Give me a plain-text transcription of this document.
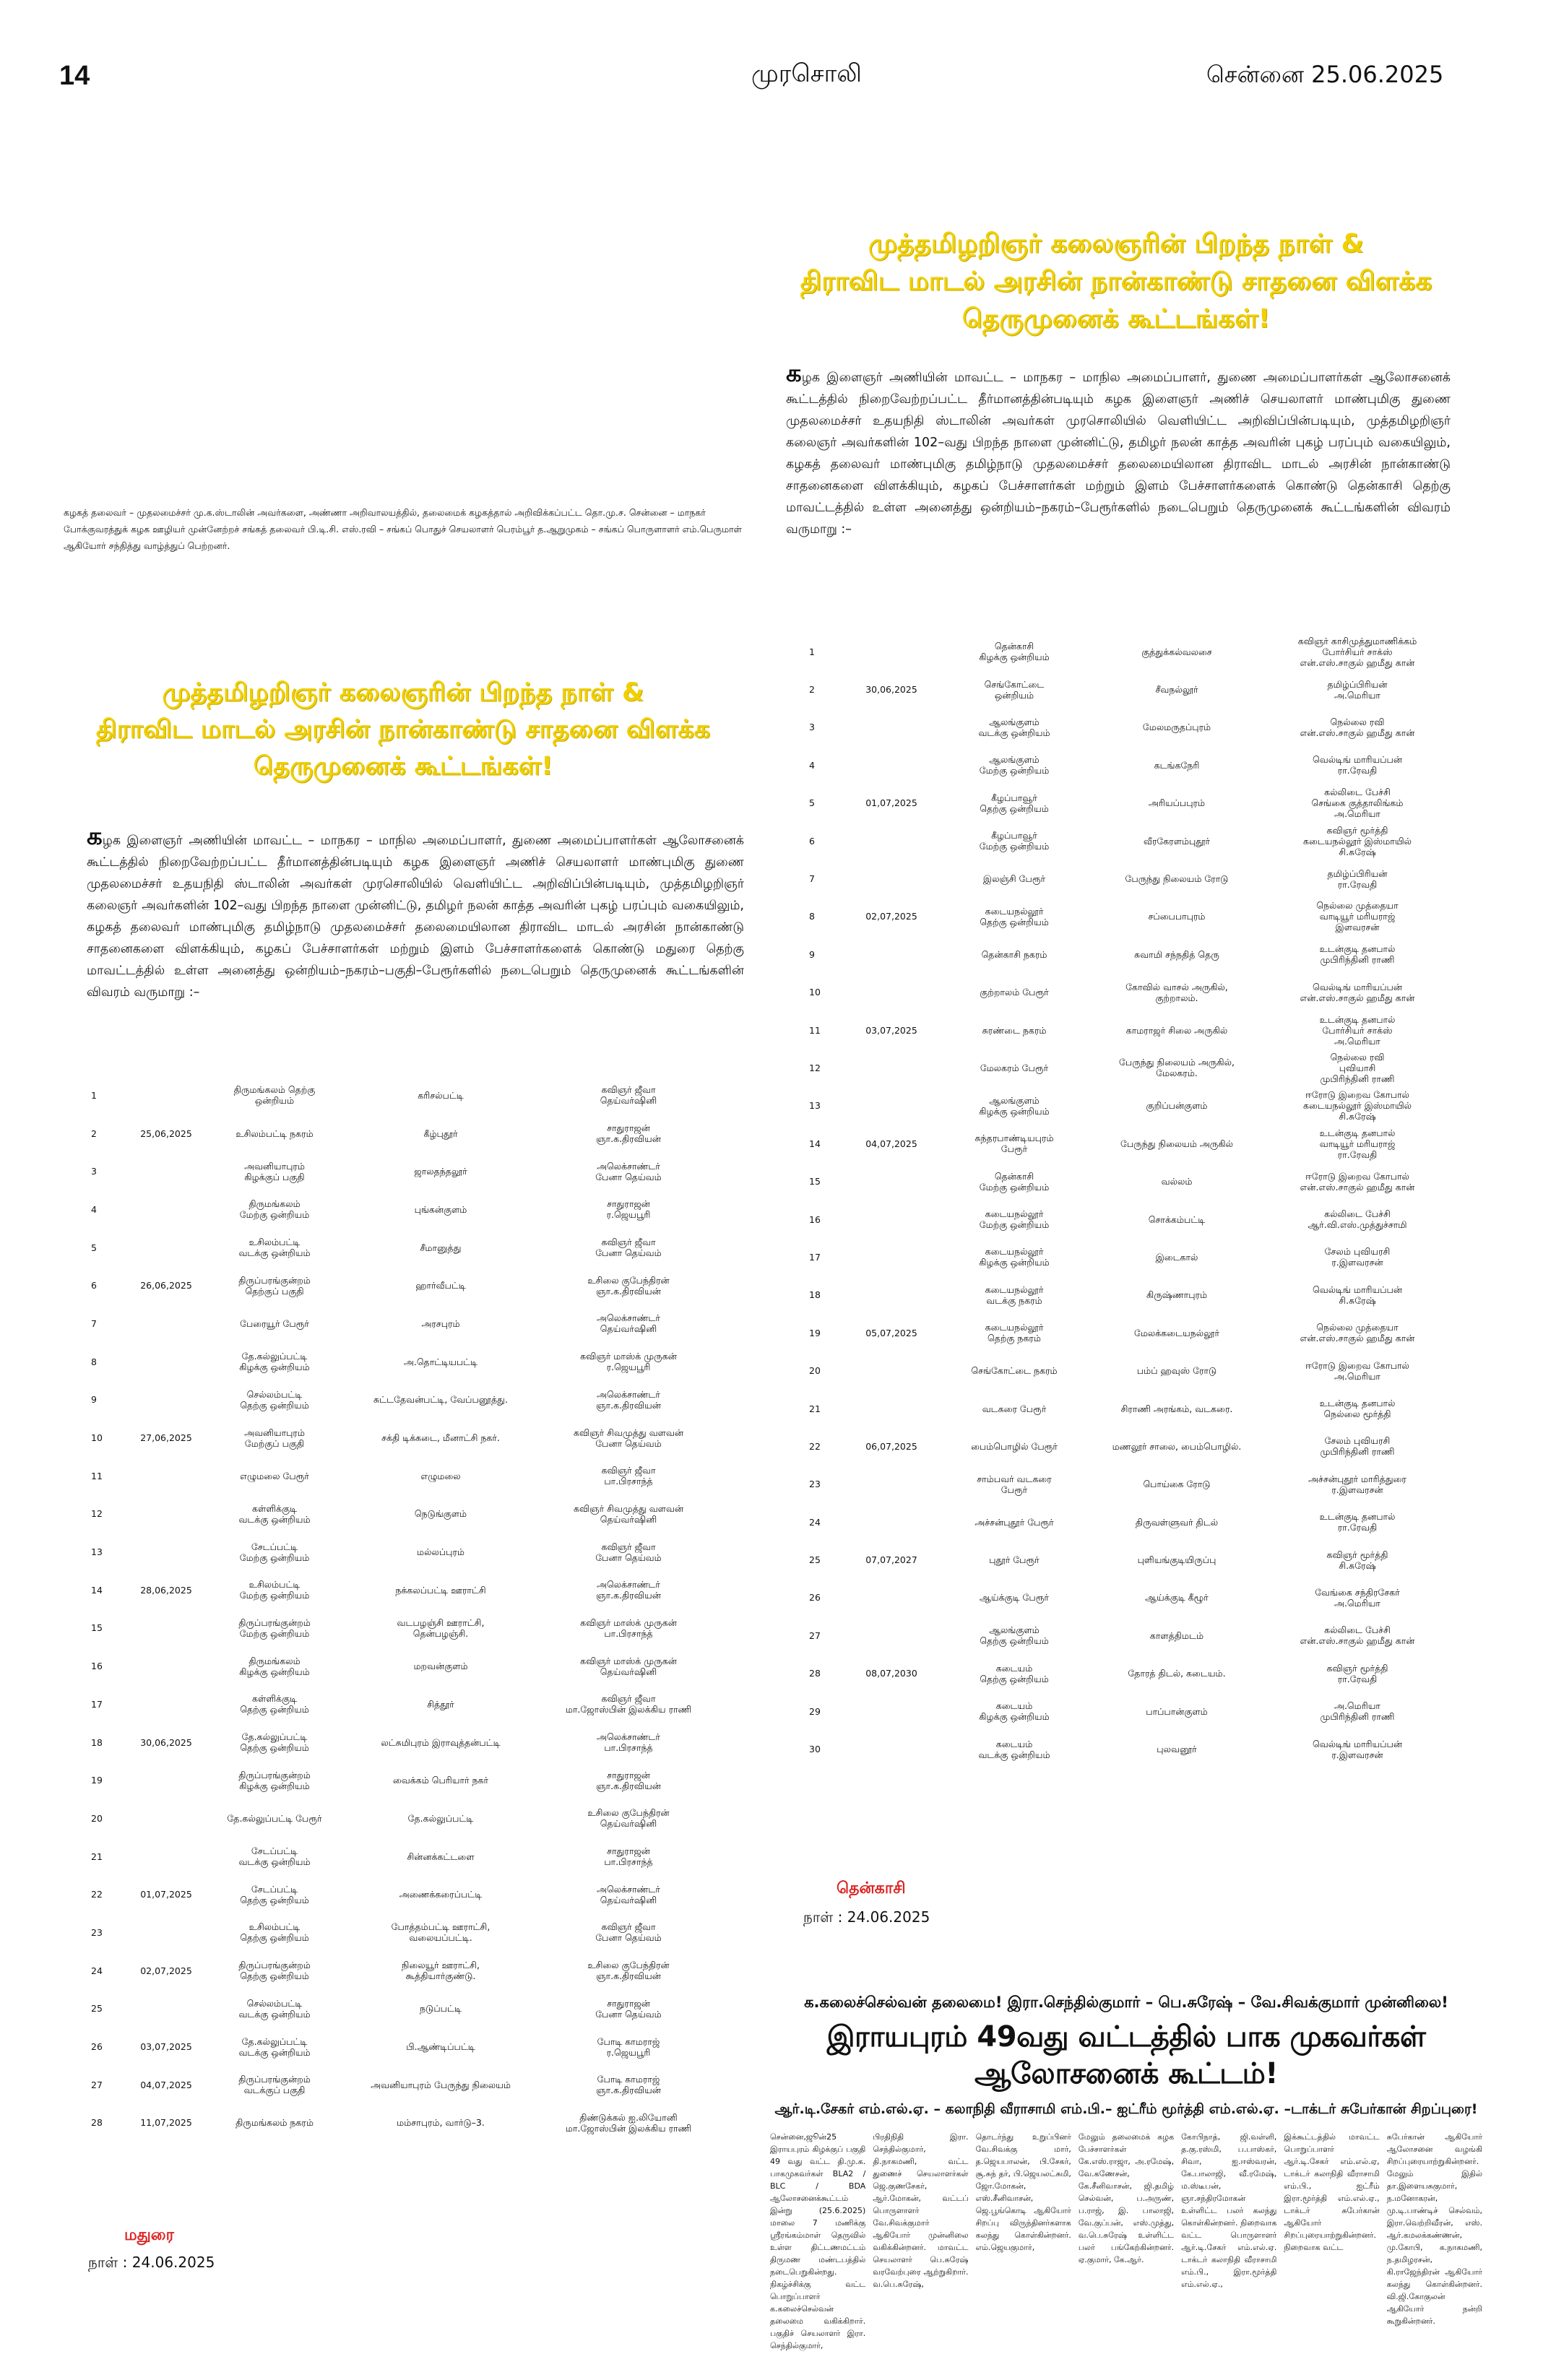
14	முரசொலி	சென்னை 25.06.2025
கழகத் தலைவர் – முதலமைச்சர் மு.க.ஸ்டாலின் அவர்களை, அண்ணா அறிவாலயத்தில், தலைமைக் கழகத்தால் அறிவிக்கப்பட்ட தொ.மு.ச. சென்னை – மாநகர் போக்குவரத்துக் கழக ஊழியர் முன்னேற்றச் சங்கத் தலைவர் பி.டி.சி. எஸ்.ரவி – சங்கப் பொதுச் செயலாளர் பெரம்பூர் த.ஆறுமுகம் – சங்கப் பொருளாளர் எம்.பெருமாள் ஆகியோர் சந்தித்து வாழ்த்துப் பெற்றனர்.
முத்தமிழறிஞர் கலைஞரின் பிறந்த நாள் &
திராவிட மாடல் அரசின் நான்காண்டு சாதனை விளக்க
தெருமுனைக் கூட்டங்கள்!
கழக இளைஞர் அணியின் மாவட்ட – மாநகர – மாநில அமைப்பாளர், துணை அமைப்பாளர்கள் ஆலோசனைக் கூட்டத்தில் நிறைவேற்றப்பட்ட தீர்மானத்தின்படியும் கழக இளைஞர் அணிச் செயலாளர் மாண்புமிகு துணை முதலமைச்சர் உதயநிதி ஸ்டாலின் அவர்கள் முரசொலியில் வெளியிட்ட அறிவிப்பின்படியும், முத்தமிழறிஞர் கலைஞர் அவர்களின் 102–வது பிறந்த நாளை முன்னிட்டு, தமிழர் நலன் காத்த அவரின் புகழ் பரப்பும் வகையிலும், கழகத் தலைவர் மாண்புமிகு தமிழ்நாடு முதலமைச்சர் தலைமையிலான திராவிட மாடல் அரசின் நான்காண்டு சாதனைகளை விளக்கியும், கழகப் பேச்சாளர்கள் மற்றும் இளம் பேச்சாளர்களைக் கொண்டு தென்காசி தெற்கு மாவட்டத்தில் உள்ள அனைத்து ஒன்றியம்–நகரம்–பேரூர்களில் நடைபெறும் தெருமுனைக் கூட்டங்களின் விவரம் வருமாறு :–
முத்தமிழறிஞர் கலைஞரின் பிறந்த நாள் &
திராவிட மாடல் அரசின் நான்காண்டு சாதனை விளக்க
தெருமுனைக் கூட்டங்கள்!
கழக இளைஞர் அணியின் மாவட்ட – மாநகர – மாநில அமைப்பாளர், துணை அமைப்பாளர்கள் ஆலோசனைக் கூட்டத்தில் நிறைவேற்றப்பட்ட தீர்மானத்தின்படியும் கழக இளைஞர் அணிச் செயலாளர் மாண்புமிகு துணை முதலமைச்சர் உதயநிதி ஸ்டாலின் அவர்கள் முரசொலியில் வெளியிட்ட அறிவிப்பின்படியும், முத்தமிழறிஞர் கலைஞர் அவர்களின் 102–வது பிறந்த நாளை முன்னிட்டு, தமிழர் நலன் காத்த அவரின் புகழ் பரப்பும் வகையிலும், கழகத் தலைவர் மாண்புமிகு தமிழ்நாடு முதலமைச்சர் தலைமையிலான திராவிட மாடல் அரசின் நான்காண்டு சாதனைகளை விளக்கியும், கழகப் பேச்சாளர்கள் மற்றும் இளம் பேச்சாளர்களைக் கொண்டு மதுரை தெற்கு மாவட்டத்தில் உள்ள அனைத்து ஒன்றியம்–நகரம்–பகுதி–பேரூர்களில் நடைபெறும் தெருமுனைக் கூட்டங்களின் விவரம் வருமாறு :–
1		தென்காசி
கிழக்கு ஒன்றியம்	குத்துக்கல்வலசை	கவிஞர் காசிமுத்துமாணிக்கம்
போர்சியர் சாக்ஸ்
என்.எஸ்.சாகுல் ஹமீது கான்
2	30,06,2025	செங்கோட்டை
ஒன்றியம்	சீவநல்லூர்	தமிழ்ப்பிரியன்
அ.மெரியா
3		ஆலங்குளம்
வடக்கு ஒன்றியம்	மேலமருதப்புரம்	நெல்லை ரவி
என்.எஸ்.சாகுல் ஹமீது கான்
4		ஆலங்குளம்
மேற்கு ஒன்றியம்	கடங்கநேரி	வெல்டிங் மாரியப்பன்
ரா.ரேவதி
5	01,07,2025	கீழப்பாவூர்
தெற்கு ஒன்றியம்	அரியப்பபுரம்	கல்லிடை பேச்சி
செங்கை குத்தாலிங்கம்
அ.மெரியா
6		கீழப்பாவூர்
மேற்கு ஒன்றியம்	வீரகேரளம்புதூர்	கவிஞர் மூர்த்தி
கடையநல்லூர் இஸ்மாயில்
சி.சுரேஷ்
7		இலஞ்சி பேரூர்	பேருந்து நிலையம் ரோடு	தமிழ்ப்பிரியன்
ரா.ரேவதி
8	02,07,2025	கடையநல்லூர்
தெற்கு ஒன்றியம்	சப்பைபாபுரம்	நெல்லை முத்தையா
வாடியூர் மரியராஜ்
இளவரசன்
9		தென்காசி நகரம்	சுவாமி சந்நதித் தெரு	உடன்குடி தனபால்
முபிரிந்தினி ராணி
10		குற்றாலம் பேரூர்	கோவில் வாசல் அருகில்,
குற்றாலம்.	வெல்டிங் மாரியப்பன்
என்.எஸ்.சாகுல் ஹமீது கான்
11	03,07,2025	சுரண்டை நகரம்	காமராஜர் சிலை அருகில்	உடன்குடி தனபால்
போர்சியர் சாக்ஸ்
அ.மெரியா
12		மேலகரம் பேரூர்	பேருந்து நிலையம் அருகில்,
மேலகரம்.	நெல்லை ரவி
புவியாசி
முபிரிந்தினி ராணி
13		ஆலங்குளம்
கிழக்கு ஒன்றியம்	குறிப்பன்குளம்	ஈரோடு இறைவ கோபால்
கடையநல்லூர் இஸ்மாயில்
சி.சுரேஷ்
14	04,07,2025	சுந்தரபாண்டியபுரம்
பேரூர்	பேருந்து நிலையம் அருகில்	உடன்குடி தனபால்
வாடியூர் மரியராஜ்
ரா.ரேவதி
15		தென்காசி
மேற்கு ஒன்றியம்	வல்லம்	ஈரோடு இறைவ கோபால்
என்.எஸ்.சாகுல் ஹமீது கான்
16		கடையநல்லூர்
மேற்கு ஒன்றியம்	சொக்கம்பட்டி	கல்லிடை பேச்சி
ஆர்.வி.எஸ்.முத்துச்சாமி
17		கடையநல்லூர்
கிழக்கு ஒன்றியம்	இடைகால்	சேலம் புவியரசி
ர.இளவரசன்
18		கடையநல்லூர்
வடக்கு நகரம்	கிருஷ்ணாபுரம்	வெல்டிங் மாரியப்பன்
சி.சுரேஷ்
19	05,07,2025	கடையநல்லூர்
தெற்கு நகரம்	மேலக்கடையநல்லூர்	நெல்லை முத்தையா
என்.எஸ்.சாகுல் ஹமீது கான்
20		செங்கோட்டை நகரம்	பம்ப் ஹவுஸ் ரோடு	ஈரோடு இறைவ கோபால்
அ.மெரியா
21		வடகரை பேரூர்	சிராணி அரங்கம், வடகரை.	உடன்குடி தனபால்
நெல்லை மூர்த்தி
22	06,07,2025	பைம்பொழில் பேரூர்	மணலூர் சாலை, பைம்பொழில்.	சேலம் புவியரசி
முபிரிந்தினி ராணி
23		சாம்பவர் வடகரை
பேரூர்	பொய்கை ரோடு	அச்சன்புதூர் மாரித்துரை
ர.இளவரசன்
24		அச்சன்புதூர் பேரூர்	திருவள்ளுவர் திடல்	உடன்குடி தனபால்
ரா.ரேவதி
25	07,07,2027	புதூர் பேரூர்	புளியங்குடியிருப்பு	கவிஞர் மூர்த்தி
சி.சுரேஷ்
26		ஆய்க்குடி பேரூர்	ஆய்க்குடி கீழூர்	வேங்கை சந்திரசேகர்
அ.மெரியா
27		ஆலங்குளம்
தெற்கு ஒன்றியம்	காளத்திமடம்	கல்லிடை பேச்சி
என்.எஸ்.சாகுல் ஹமீது கான்
28	08,07,2030	கடையம்
தெற்கு ஒன்றியம்	தோரத் திடல், கடையம்.	கவிஞர் மூர்த்தி
ரா.ரேவதி
29		கடையம்
கிழக்கு ஒன்றியம்	பாப்பான்குளம்	அ.மெரியா
முபிரிந்தினி ராணி
30		கடையம்
வடக்கு ஒன்றியம்	புலவனூர்	வெல்டிங் மாரியப்பன்
ர.இளவரசன்
தென்காசி
நாள் : 24.06.2025
1		திருமங்கலம் தெற்கு
ஒன்றியம்	கரிசல்பட்டி	கவிஞர் ஜீவா
தெய்வர்ஷினி
2	25,06,2025	உசிலம்பட்டி நகரம்	கீழ்புதூர்	சாதுராஜன்
ஞா.க.திரவியன்
3		அவனியாபுரம்
கிழக்குப் பகுதி	ஜாலதந்தலூர்	அலெக்சாண்டர்
பேனா தெய்வம்
4		திருமங்கலம்
மேற்கு ஒன்றியம்	புங்கன்குளம்	சாதுராஜன்
ர.ஜெயபூரி
5		உசிலம்பட்டி
வடக்கு ஒன்றியம்	சீமானுத்து	கவிஞர் ஜீவா
பேனா தெய்வம்
6	26,06,2025	திருப்பரங்குன்றம்
தெற்குப் பகுதி	ஹார்வீபட்டி	உசிலை குபேந்திரன்
ஞா.க.திரவியன்
7		பேரையூர் பேரூர்	அரசபுரம்	அலெக்சாண்டர்
தெய்வர்ஷினி
8		தே.கல்லுப்பட்டி
கிழக்கு ஒன்றியம்	அ.தொட்டியபட்டி	கவிஞர் மாஸ்க் முருகன்
ர.ஜெயபூரி
9		செல்லம்பட்டி
தெற்கு ஒன்றியம்	சுட்டதேவன்பட்டி, வேப்பனூத்து.	அலெக்சாண்டர்
ஞா.க.திரவியன்
10	27,06,2025	அவனியாபுரம்
மேற்குப் பகுதி	சக்தி டிக்கடை, மீனாட்சி நகர்.	கவிஞர் சிவமுத்து வளவன்
பேனா தெய்வம்
11		எழுமலை பேரூர்	எழுமலை	கவிஞர் ஜீவா
பா.பிரசாந்த்
12		கள்ளிக்குடி
வடக்கு ஒன்றியம்	நெடுங்குளம்	கவிஞர் சிவமுத்து வளவன்
தெய்வர்ஷினி
13		சேடப்பட்டி
மேற்கு ஒன்றியம்	மல்லப்புரம்	கவிஞர் ஜீவா
பேனா தெய்வம்
14	28,06,2025	உசிலம்பட்டி
மேற்கு ஒன்றியம்	நக்கலப்பட்டி ஊராட்சி	அலெக்சாண்டர்
ஞா.க.திரவியன்
15		திருப்பரங்குன்றம்
மேற்கு ஒன்றியம்	வடபழஞ்சி ஊராட்சி,
தென்பழஞ்சி.	கவிஞர் மாஸ்க் முருகன்
பா.பிரசாந்த்
16		திருமங்கலம்
கிழக்கு ஒன்றியம்	மறவன்குளம்	கவிஞர் மாஸ்க் முருகன்
தெய்வர்ஷினி
17		கள்ளிக்குடி
தெற்கு ஒன்றியம்	சித்தூர்	கவிஞர் ஜீவா
மா.ஜோஸ்பின் இலக்கிய ராணி
18	30,06,2025	தே.கல்லுப்பட்டி
தெற்கு ஒன்றியம்	லட்சுமிபுரம் இராவுத்தன்பட்டி	அலெக்சாண்டர்
பா.பிரசாந்த்
19		திருப்பரங்குன்றம்
கிழக்கு ஒன்றியம்	வைக்கம் பெரியார் நகர்	சாதுராஜன்
ஞா.க.திரவியன்
20		தே.கல்லுப்பட்டி பேரூர்	தே.கல்லுப்பட்டி	உசிலை குபேந்திரன்
தெய்வர்ஷினி
21		சேடப்பட்டி
வடக்கு ஒன்றியம்	சின்னக்கட்டளை	சாதுராஜன்
பா.பிரசாந்த்
22	01,07,2025	சேடப்பட்டி
தெற்கு ஒன்றியம்	அணைக்கரைப்பட்டி	அலெக்சாண்டர்
தெய்வர்ஷினி
23		உசிலம்பட்டி
தெற்கு ஒன்றியம்	போத்தம்பட்டி ஊராட்சி,
வலையப்பட்டி.	கவிஞர் ஜீவா
பேனா தெய்வம்
24	02,07,2025	திருப்பரங்குன்றம்
தெற்கு ஒன்றியம்	நிலையூர் ஊராட்சி,
கூத்தியார்குண்டு.	உசிலை குபேந்திரன்
ஞா.க.திரவியன்
25		செல்லம்பட்டி
வடக்கு ஒன்றியம்	நடுப்பட்டி	சாதுராஜன்
பேனா தெய்வம்
26	03,07,2025	தே.கல்லுப்பட்டி
வடக்கு ஒன்றியம்	பி.ஆண்டிப்பட்டி	போடி காமராஜ்
ர.ஜெயபூரி
27	04,07,2025	திருப்பரங்குன்றம்
வடக்குப் பகுதி	அவனியாபுரம் பேருந்து நிலையம்	போடி காமராஜ்
ஞா.க.திரவியன்
28	11,07,2025	திருமங்கலம் நகரம்	மம்சாபுரம், வார்டு–3.	திண்டுக்கல் ஐ.லியோனி
மா.ஜோஸ்பின் இலக்கிய ராணி
மதுரை
நாள் : 24.06.2025
க.கலைச்செல்வன் தலைமை! இரா.செந்தில்குமார் – பெ.சுரேஷ் – வே.சிவக்குமார் முன்னிலை!
இராயபுரம் 49வது வட்டத்தில் பாக முகவர்கள் ஆலோசனைக் கூட்டம்!
ஆர்.டி.சேகர் எம்.எல்.ஏ. – கலாநிதி வீராசாமி எம்.பி.– ஐட்ரீம் மூர்த்தி எம்.எல்.ஏ. –டாக்டர் சுபேர்கான் சிறப்புரை!
சென்னை,ஜூன்25 இராயபுரம் கிழக்குப் பகுதி 49 வது வட்ட தி.மு.க. பாகமுகவர்கள் BLA2 / BLC / BDA ஆலோசனைக்கூட்டம் இன்று (25.6.2025) மாலை 7 மணிக்கு ஸ்ரீரங்கம்மாள் தெருவில் உள்ள திட்டணமட்டம் திருமண மண்டபத்தில் நடைபெறுகின்றது. நிகழ்ச்சிக்கு வட்ட பொறுப்பாளர் க.கலைச்செல்வன் தலைமை வகிக்கிறார். பகுதிச் செயலாளர் இரா. செந்தில்குமார்,
பிரதிநிதி இரா. செந்தில்குமார், தி.நாகமணி, வட்ட துணைச் செயலாளர்கள் ஜெ.குணசேகர், ஆர்.மோகன், வட்டப் பொருளாளர் வே.சிவக்குமார் ஆகியோர் முன்னிலை வகிக்கின்றனர். மாவட்ட செயலாளர் பெ.சுரேஷ் வரவேற்புரை ஆற்றுகிறார். வ.பெ.சுரேஷ்,
தொடர்ந்து உறுப்பினர் வே.சிவக்கு மார், த.ஜெயபாலன், பி.சேகர், சூ.சுந் தர், பி.ஜெயலட்சுமி, ஜோ.மோகன், எஸ்.சீனிவாசன், ஜெ.பூங்கொடி ஆகியோர் சிறப்பு விருந்தினர்களாக கலந்து கொள்கின்றனர். எம்.ஜெயகுமார்,
மேலும் தலைமைக் கழக பேச்சாளர்கள் கே.எஸ்.ராஜா, அ.ரமேஷ், வே.கணேசன், கே.சீனிவாசன், ஜி.தமிழ் செல்வன், ப.அருண், ப.ராஜ், இ. பாலாஜி, வே.குப்பன், எஸ்.முத்து, வ.பெ.சுரேஷ் உள்ளிட்ட பலர் பங்கேற்கின்றனர். ஏ.குமார், கே.ஆர்.
கோபிநாத், ஜி.வள்ளி, த.கு.ரஸ்மி, ப.பாஸ்கர், சிவா, ஐ.ஈஸ்வரன், கே.பாலாஜி, வீ.ரமேஷ், ம.ஸ்டீபன், ஞா.சந்திரமோகன் உள்ளிட்ட பலர் கலந்து கொள்கின்றனர். நிறைவாக வட்ட பொருளாளர் ஆர்.டி.சேகர் எம்.எல்.ஏ. டாக்டர் கலாநிதி வீராசாமி எம்.பி., இரா.மூர்த்தி எம்.எல்.ஏ.,
இக்கூட்டத்தில் மாவட்ட பொறுப்பாளர் ஆர்.டி.சேகர் எம்.எல்.ஏ, டாக்டர் கலாநிதி வீராசாமி எம்.பி., ஐட்ரீம் இரா.மூர்த்தி எம்.எல்.ஏ., டாக்டர் சுபேர்கான் ஆகியோர் சிறப்புரையாற்றுகின்றனர். நிறைவாக வட்ட
சுபேர்கான் ஆகியோர் ஆலோசனை வழங்கி சிறப்புரையாற்றுகின்றனர். மேலும் இதில் தா.இளையசுகுமார், ந.மனோகரன், மு.டி.பாண்டிச் செல்வம், இரா.வெற்றிவீரன், எஸ். ஆர்.கமலக்கண்ணன், மு.கோபி, க.நாகமணி, ந.தமிழரசன், கி.ராஜேந்திரன் ஆகியோர் கலந்து கொள்கின்றனர். வி.ஜி.கோகுலன் ஆகியோர் நன்றி கூறுகின்றனர்.
